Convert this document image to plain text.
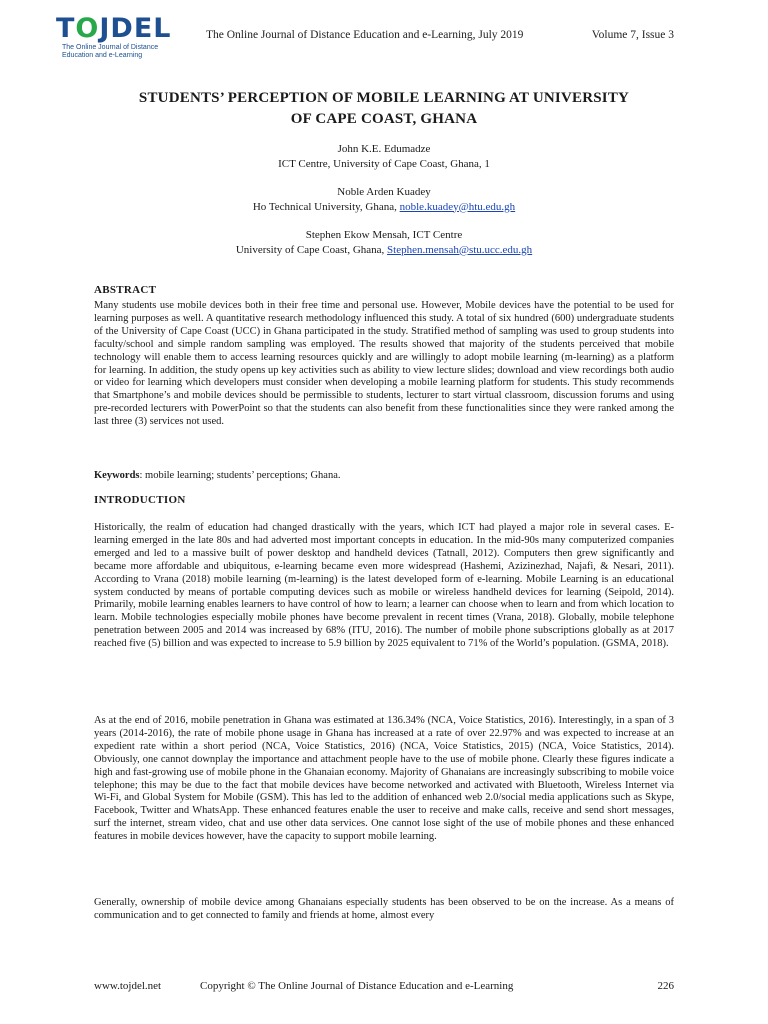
TOJDEL
The Online Journal of Distance
Education and e-Learning
The Online Journal of Distance Education and e-Learning, July 2019	Volume 7, Issue 3
STUDENTS’ PERCEPTION OF MOBILE LEARNING AT UNIVERSITY
OF CAPE COAST, GHANA
John K.E. Edumadze
ICT Centre, University of Cape Coast, Ghana, 1
Noble Arden Kuadey
Ho Technical University, Ghana, noble.kuadey@htu.edu.gh
Stephen Ekow Mensah, ICT Centre
University of Cape Coast, Ghana, Stephen.mensah@stu.ucc.edu.gh
ABSTRACT
Many students use mobile devices both in their free time and personal use. However, Mobile devices have the potential to be used for learning purposes as well. A quantitative research methodology influenced this study. A total of six hundred (600) undergraduate students of the University of Cape Coast (UCC) in Ghana participated in the study. Stratified method of sampling was used to group students into faculty/school and simple random sampling was employed. The results showed that majority of the students perceived that mobile technology will enable them to access learning resources quickly and are willingly to adopt mobile learning (m-learning) as a platform for learning. In addition, the study opens up key activities such as ability to view lecture slides; download and view recordings both audio or video for learning which developers must consider when developing a mobile learning platform for students. This study recommends that Smartphone’s and mobile devices should be permissible to students, lecturer to start virtual classroom, discussion forums and using pre-recorded lecturers with PowerPoint so that the students can also benefit from these functionalities since they were ranked among the last three (3) services not used.
Keywords: mobile learning; students’ perceptions; Ghana.
INTRODUCTION
Historically, the realm of education had changed drastically with the years, which ICT had played a major role in several cases. E-learning emerged in the late 80s and had adverted most important concepts in education. In the mid-90s many computerized companies emerged and led to a massive built of power desktop and handheld devices (Tatnall, 2012). Computers then grew significantly and became more affordable and ubiquitous, e-learning became even more widespread (Hashemi, Azizinezhad, Najafi, & Nesari, 2011). According to Vrana (2018) mobile learning (m-learning) is the latest developed form of e-learning. Mobile Learning is an educational system conducted by means of portable computing devices such as mobile or wireless handheld devices for learning (Seipold, 2014). Primarily, mobile learning enables learners to have control of how to learn; a learner can choose when to learn and from which location to learn. Mobile technologies especially mobile phones have become prevalent in recent times (Vrana, 2018). Globally, mobile telephone penetration between 2005 and 2014 was increased by 68% (ITU, 2016). The number of mobile phone subscriptions globally as at 2017 reached five (5) billion and was expected to increase to 5.9 billion by 2025 equivalent to 71% of the World’s population. (GSMA, 2018).
As at the end of 2016, mobile penetration in Ghana was estimated at 136.34% (NCA, Voice Statistics, 2016). Interestingly, in a span of 3 years (2014-2016), the rate of mobile phone usage in Ghana has increased at a rate of over 22.97% and was expected to increase at an expedient rate within a short period (NCA, Voice Statistics, 2016) (NCA, Voice Statistics, 2015) (NCA, Voice Statistics, 2014). Obviously, one cannot downplay the importance and attachment people have to the use of mobile phone. Clearly these figures indicate a high and fast-growing use of mobile phone in the Ghanaian economy. Majority of Ghanaians are increasingly subscribing to mobile voice telephone; this may be due to the fact that mobile devices have become networked and activated with Bluetooth, Wireless Internet via Wi-Fi, and Global System for Mobile (GSM). This has led to the addition of enhanced web 2.0/social media applications such as Skype, Facebook, Twitter and WhatsApp. These enhanced features enable the user to receive and make calls, receive and send short messages, surf the internet, stream video, chat and use other data services. One cannot lose sight of the use of mobile phones and these enhanced features in mobile devices however, have the capacity to support mobile learning.
Generally, ownership of mobile device among Ghanaians especially students has been observed to be on the increase. As a means of communication and to get connected to family and friends at home, almost every
www.tojdel.net	Copyright © The Online Journal of Distance Education and e-Learning	226
